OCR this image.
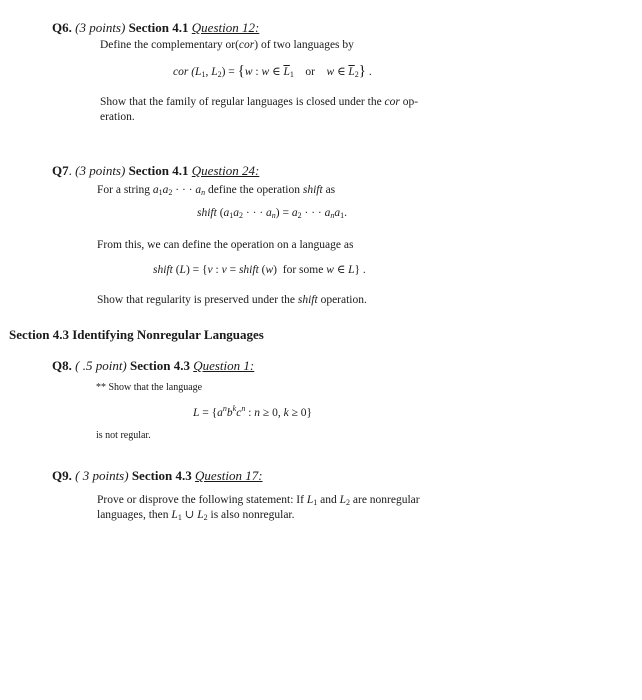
Q6. (3 points) Section 4.1 Question 12:
Define the complementary or(cor) of two languages by
cor ($L_1$, $L_2) = \{w$ : w ∈ $\overline{L}_1$ or w ∈ $\overline{L}_2$} .
Show that the family of regular languages is closed under the cor op-
eration.
Q7. (3 points) Section 4.1 Question 24:
For a string $a_1a_2$ · · · $a_n$ define the operation shift as
shift ($a_1a_2$ · · · $a_n) = a_2$ · · · $a_na_1$.
From this, we can define the operation on a language as
shift (L) = {v : v = shift (w)  for some w ∈ L} .
Show that regularity is preserved under the shift operation.
Section 4.3 Identifying Nonregular Languages
Q8. ( .5 point) Section 4.3 Question 1:
** Show that the language
$L = \{a^nb^kc^n$ : n ≥ 0, k ≥ 0}
is not regular.
Q9. ( 3 points) Section 4.3 Question 17:
Prove or disprove the following statement: If $L_1$ and $L_2$ are nonregular
languages, then $L_1$ ∪ $L_2$ is also nonregular.
